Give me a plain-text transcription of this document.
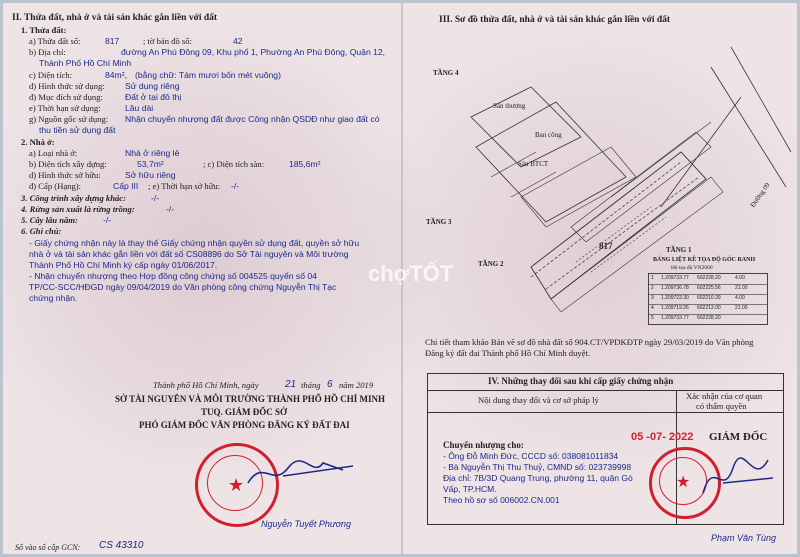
II. Thửa đất, nhà ở và tài sản khác gắn liền với đất
1. Thửa đất:
a) Thửa đất số:	817	; tờ bản đồ số:	42
b) Địa chỉ:	đường An Phú Đông 09, Khu phố 1, Phường An Phú Đông, Quận 12,
Thành Phố Hồ Chí Minh
c) Diện tích:	84m², (bằng chữ: Tám mươi bốn mét vuông)
d) Hình thức sử dụng: Sử dụng riêng
đ) Mục đích sử dụng:	Đất ở tại đô thị
e) Thời hạn sử dụng:	Lâu dài
g) Nguồn gốc sử dụng: Nhận chuyển nhượng đất được Công nhận QSDĐ như giao đất có
thu tiền sử dụng đất
2. Nhà ở:
a) Loại nhà ở:	Nhà ở riêng lẻ
b) Diện tích xây dựng:	53,7m²	; c) Diện tích sàn:	185,6m²
d) Hình thức sở hữu:	Sở hữu riêng
đ) Cấp (Hạng):	Cấp III ; e) Thời hạn sở hữu: -/-
3. Công trình xây dựng khác:	-/-
4. Rừng sản xuất là rừng trồng:	-/-
5. Cây lâu năm:	-/-
6. Ghi chú:
- Giấy chứng nhận này là thay thế Giấy chứng nhận quyền sử dụng đất, quyền sở hữu
nhà ở và tài sản khác gắn liền với đất số CS08896 do Sở Tài nguyên và Môi trường
Thành Phố Hồ Chí Minh ký cấp ngày 01/06/2017.
- Nhận chuyển nhượng theo Hợp đồng công chứng số 004525 quyển số 04
TP/CC-SCC/HĐGD ngày 09/04/2019 do Văn phòng công chứng Nguyễn Thị Tạc
chứng nhận.
Thành phố Hồ Chí Minh, ngày	21 tháng 6 năm 2019
SỞ TÀI NGUYÊN VÀ MÔI TRƯỜNG THÀNH PHỐ HỒ CHÍ MINH
TUQ. GIÁM ĐỐC SỞ
PHÓ GIÁM ĐỐC VĂN PHÒNG ĐĂNG KÝ ĐẤT ĐAI
★
Nguyễn Tuyết Phương
Số vào sổ cấp GCN: CS 43310
III. Sơ đồ thửa đất, nhà ở và tài sản khác gắn liền với đất
TẦNG 4
TẦNG 3
TẦNG 2
TẦNG 1
817
Sân thượng
Sàn BTCT
Ban công
Đường 09
BẢNG LIỆT KÊ TỌA ĐỘ GÓC RANH
Hệ tọa độ VN2000
1 1.209733.77 602228.20	4.00
2 1.209736.78 602225.56	21.00
3 1.209722.30 602210.39	4.00
4 1.209719.26 602213.00	21.00
5 1.209733.77 602228.20
Chi tiết tham khảo Bản vẽ sơ đồ nhà đất số 904.CT/VPDKĐTP ngày 29/03/2019 do Văn phòng
Đăng ký đất đai Thành phố Hồ Chí Minh duyệt.
IV. Những thay đổi sau khi cấp giấy chứng nhận
Nội dung thay đổi và cơ sở pháp lý	Xác nhận của cơ quan
có thẩm quyền
05 -07- 2022 GIÁM ĐỐC
Chuyển nhượng cho:
- Ông Đỗ Minh Đức, CCCD số: 038081011834
- Bà Nguyễn Thị Thu Thuỷ, CMND số: 023739998
Địa chỉ: 7B/3D Quang Trung, phường 11, quận Gò
Vấp, TP.HCM.
Theo hồ sơ số 006002.CN.001
★
Phạm Văn Tùng
chợTỐT
